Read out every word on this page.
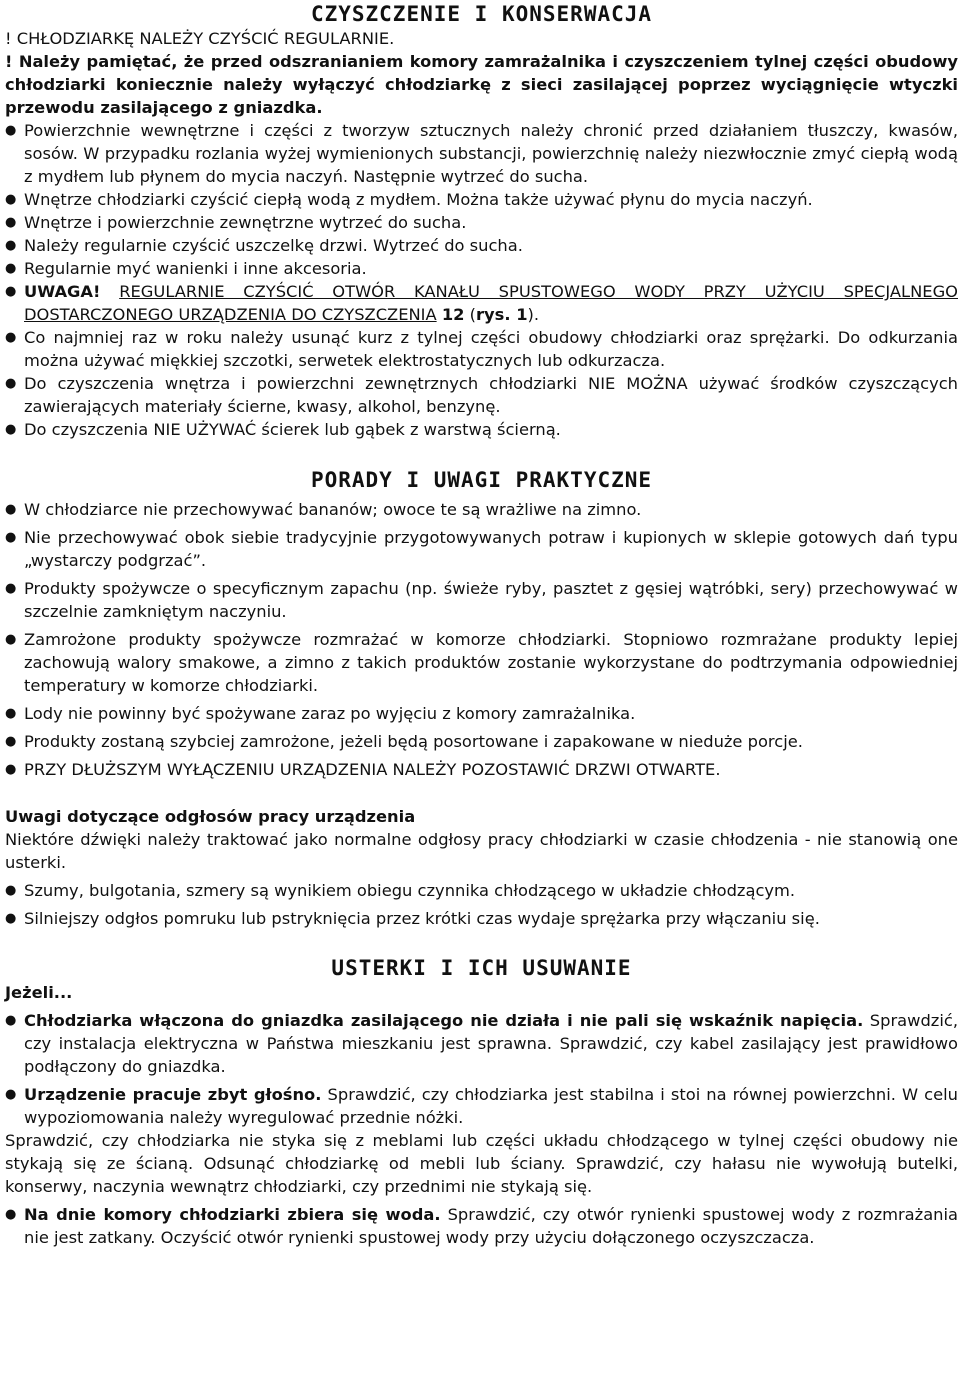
CZYSZCZENIE I KONSERWACJA

! CHŁODZIARKĘ NALEŻY CZYŚCIĆ REGULARNIE.

! Należy pamiętać, że przed odszranianiem komory zamrażalnika i czyszczeniem tylnej części obudowy chłodziarki koniecznie należy wyłączyć chłodziarkę z sieci zasilającej poprzez wyciągnięcie wtyczki przewodu zasilającego z gniazdka.

● Powierzchnie wewnętrzne i części z tworzyw sztucznych należy chronić przed działaniem tłuszczy, kwasów, sosów. W przypadku rozlania wyżej wymienionych substancji, powierzchnię należy niezwłocznie zmyć ciepłą wodą z mydłem lub płynem do mycia naczyń. Następnie wytrzeć do sucha.
● Wnętrze chłodziarki czyścić ciepłą wodą z mydłem. Można także używać płynu do mycia naczyń.
● Wnętrze i powierzchnie zewnętrzne wytrzeć do sucha.
● Należy regularnie czyścić uszczelkę drzwi. Wytrzeć do sucha.
● Regularnie myć wanienki i inne akcesoria.
● UWAGA! REGULARNIE CZYŚCIĆ OTWÓR KANAŁU SPUSTOWEGO WODY PRZY UŻYCIU SPECJALNEGO DOSTARCZONEGO URZĄDZENIA DO CZYSZCZENIA 12 (rys. 1).
● Co najmniej raz w roku należy usunąć kurz z tylnej części obudowy chłodziarki oraz sprężarki. Do odkurzania można używać miękkiej szczotki, serwetek elektrostatycznych lub odkurzacza.
● Do czyszczenia wnętrza i powierzchni zewnętrznych chłodziarki NIE MOŻNA używać środków czyszczących zawierających materiały ścierne, kwasy, alkohol, benzynę.
● Do czyszczenia NIE UŻYWAĆ ścierek lub gąbek z warstwą ścierną.
PORADY I UWAGI PRAKTYCZNE
● W chłodziarce nie przechowywać bananów; owoce te są wrażliwe na zimno.
● Nie przechowywać obok siebie tradycyjnie przygotowywanych potraw i kupionych w sklepie gotowych dań typu „wystarczy podgrzać”.
● Produkty spożywcze o specyficznym zapachu (np. świeże ryby, pasztet z gęsiej wątróbki, sery) przechowywać w szczelnie zamkniętym naczyniu.
● Zamrożone produkty spożywcze rozmrażać w komorze chłodziarki. Stopniowo rozmrażane produkty lepiej zachowują walory smakowe, a zimno z takich produktów zostanie wykorzystane do podtrzymania odpowiedniej temperatury w komorze chłodziarki.
● Lody nie powinny być spożywane zaraz po wyjęciu z komory zamrażalnika.
● Produkty zostaną szybciej zamrożone, jeżeli będą posortowane i zapakowane w nieduże porcje.
● PRZY DŁUŻSZYM WYŁĄCZENIU URZĄDZENIA NALEŻY POZOSTAWIĆ DRZWI OTWARTE.

Uwagi dotyczące odgłosów pracy urządzenia

Niektóre dźwięki należy traktować jako normalne odgłosy pracy chłodziarki w czasie chłodzenia - nie stanowią one usterki.

● Szumy, bulgotania, szmery są wynikiem obiegu czynnika chłodzącego w układzie chłodzącym.
● Silniejszy odgłos pomruku lub pstryknięcia przez krótki czas wydaje sprężarka przy włączaniu się.
USTERKI I ICH USUWANIE

Jeżeli...

● Chłodziarka włączona do gniazdka zasilającego nie działa i nie pali się wskaźnik napięcia. Sprawdzić, czy instalacja elektryczna w Państwa mieszkaniu jest sprawna. Sprawdzić, czy kabel zasilający jest prawidłowo podłączony do gniazdka.
● Urządzenie pracuje zbyt głośno. Sprawdzić, czy chłodziarka jest stabilna i stoi na równej powierzchni. W celu wypoziomowania należy wyregulować przednie nóżki.

Sprawdzić, czy chłodziarka nie styka się z meblami lub części układu chłodzącego w tylnej części obudowy nie stykają się ze ścianą. Odsunąć chłodziarkę od mebli lub ściany. Sprawdzić, czy hałasu nie wywołują butelki, konserwy, naczynia wewnątrz chłodziarki, czy przednimi nie stykają się.

● Na dnie komory chłodziarki zbiera się woda. Sprawdzić, czy otwór rynienki spustowej wody z rozmrażania nie jest zatkany. Oczyścić otwór rynienki spustowej wody przy użyciu dołączonego oczyszczacza.
